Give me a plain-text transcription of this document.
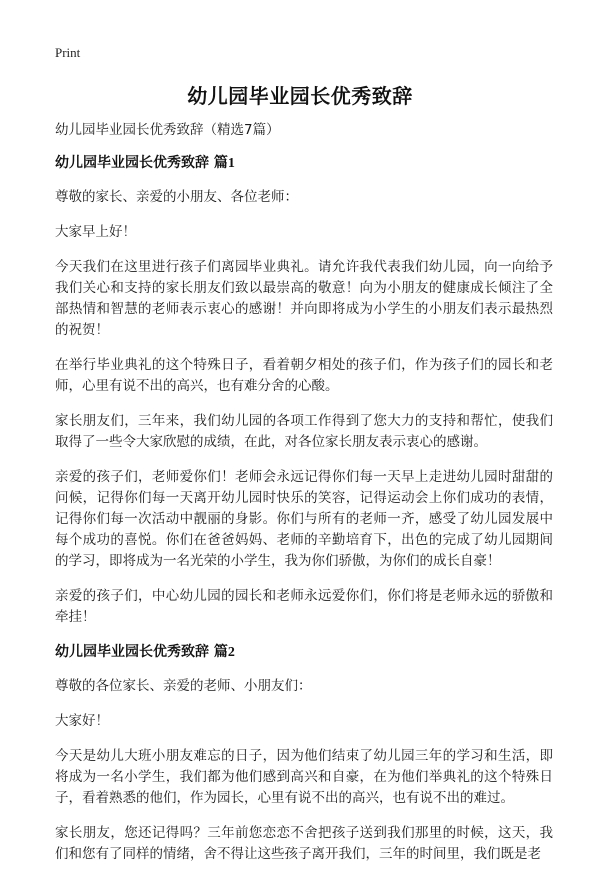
Print
幼儿园毕业园长优秀致辞

幼儿园毕业园长优秀致辞（精选7篇）

幼儿园毕业园长优秀致辞 篇1

尊敬的家长、亲爱的小朋友、各位老师：

大家早上好！

今天我们在这里进行孩子们离园毕业典礼。请允许我代表我们幼儿园，向一向给予我们关心和支持的家长朋友们致以最崇高的敬意！向为小朋友的健康成长倾注了全部热情和智慧的老师表示衷心的感谢！并向即将成为小学生的小朋友们表示最热烈的祝贺！

在举行毕业典礼的这个特殊日子，看着朝夕相处的孩子们，作为孩子们的园长和老师，心里有说不出的高兴，也有难分舍的心酸。

家长朋友们，三年来，我们幼儿园的各项工作得到了您大力的支持和帮忙，使我们取得了一些令大家欣慰的成绩，在此，对各位家长朋友表示衷心的感谢。

亲爱的孩子们，老师爱你们！老师会永远记得你们每一天早上走进幼儿园时甜甜的问候，记得你们每一天离开幼儿园时快乐的笑容，记得运动会上你们成功的表情，记得你们每一次活动中靓丽的身影。你们与所有的老师一齐，感受了幼儿园发展中每个成功的喜悦。你们在爸爸妈妈、老师的辛勤培育下，出色的完成了幼儿园期间的学习，即将成为一名光荣的小学生，我为你们骄傲，为你们的成长自豪！

亲爱的孩子们，中心幼儿园的园长和老师永远爱你们，你们将是老师永远的骄傲和牵挂！

幼儿园毕业园长优秀致辞 篇2

尊敬的各位家长、亲爱的老师、小朋友们：

大家好！

今天是幼儿大班小朋友难忘的日子，因为他们结束了幼儿园三年的学习和生活，即将成为一名小学生，我们都为他们感到高兴和自豪，在为他们举典礼的这个特殊日子，看着熟悉的他们，作为园长，心里有说不出的高兴，也有说不出的难过。

家长朋友，您还记得吗？三年前您恋恋不舍把孩子送到我们那里的时候，这天，我们和您有了同样的情绪，舍不得让这些孩子离开我们，三年的时间里，我们既是老
